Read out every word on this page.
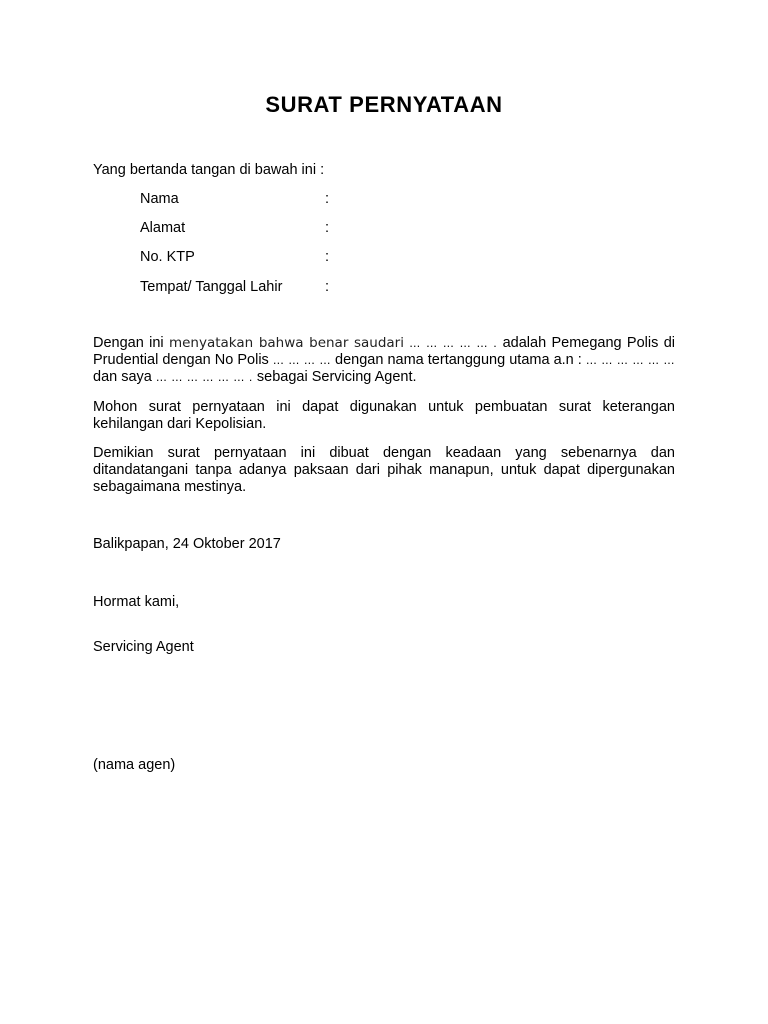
SURAT PERNYATAAN
Yang bertanda tangan di bawah ini :
Nama	:
Alamat	:
No. KTP	:
Tempat/ Tanggal Lahir	:
Dengan ini menyatakan bahwa benar saudari … … … … … . adalah Pemegang Polis di Prudential dengan No Polis … … … … dengan nama tertanggung utama a.n : … … … … … … dan saya … … … … … … . sebagai Servicing Agent.
Mohon surat pernyataan ini dapat digunakan untuk pembuatan surat keterangan kehilangan dari Kepolisian.
Demikian surat pernyataan ini dibuat dengan keadaan yang sebenarnya dan ditandatangani tanpa adanya paksaan dari pihak manapun, untuk dapat dipergunakan sebagaimana mestinya.
Balikpapan, 24 Oktober 2017
Hormat kami,
Servicing Agent
(nama agen)
